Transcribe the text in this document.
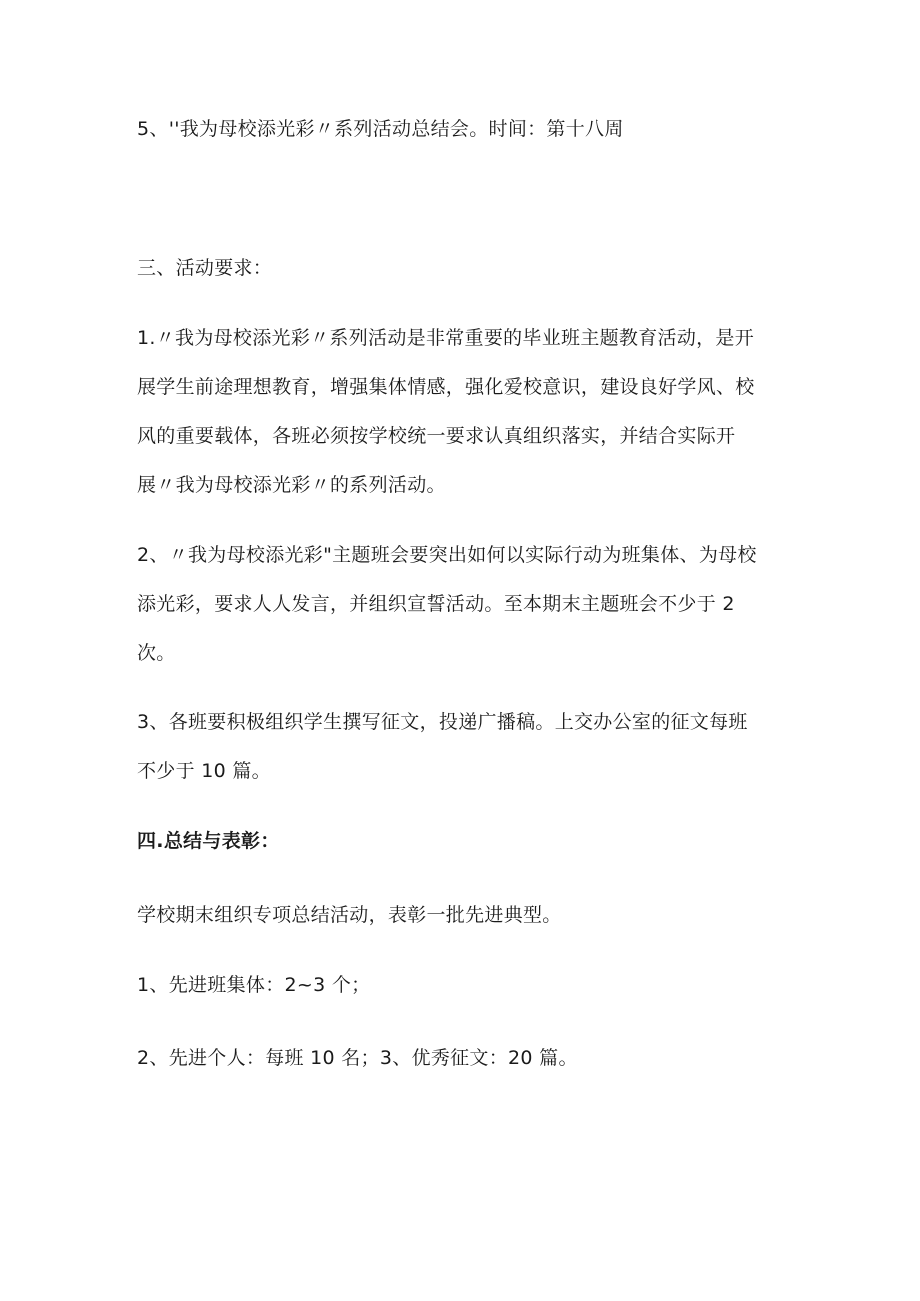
5、''我为母校添光彩〃系列活动总结会。时间：第十八周
三、活动要求：
1.〃我为母校添光彩〃系列活动是非常重要的毕业班主题教育活动，是开
展学生前途理想教育，增强集体情感，强化爱校意识，建设良好学风、校
风的重要载体，各班必须按学校统一要求认真组织落实，并结合实际开
展〃我为母校添光彩〃的系列活动。
2、〃我为母校添光彩"主题班会要突出如何以实际行动为班集体、为母校
添光彩，要求人人发言，并组织宣誓活动。至本期末主题班会不少于 2
次。
3、各班要积极组织学生撰写征文，投递广播稿。上交办公室的征文每班
不少于 10 篇。
四.总结与表彰：
学校期末组织专项总结活动，表彰一批先进典型。
1、先进班集体：2~3 个；
2、先进个人：每班 10 名；3、优秀征文：20 篇。
